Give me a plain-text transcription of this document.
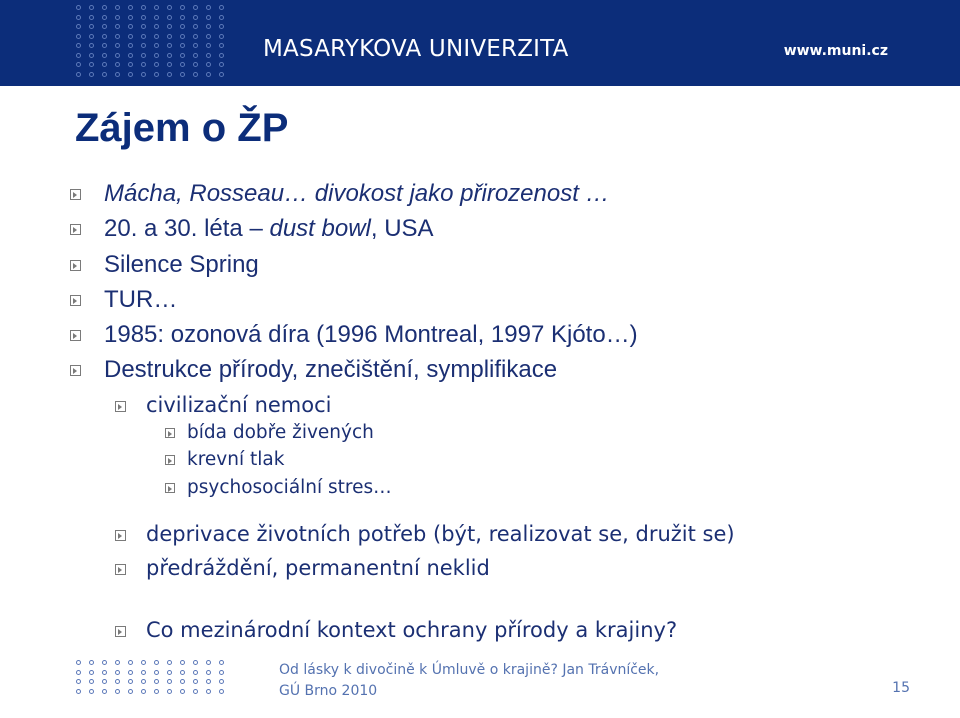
MASARYKOVA UNIVERZITA	www.muni.cz
Zájem o ŽP
Mácha, Rosseau… divokost jako přirozenost …
20. a 30. léta – dust bowl, USA
Silence Spring
TUR…
1985: ozonová díra (1996 Montreal, 1997 Kjóto…)
Destrukce přírody, znečištění, symplifikace
civilizační nemoci
bída dobře živených
krevní tlak
psychosociální stres…
deprivace životních potřeb (být, realizovat se, družit se)
předráždění, permanentní neklid
Co mezinárodní kontext ochrany přírody a krajiny?
Od lásky k divočině k Úmluvě o krajině? Jan Trávníček,
GÚ Brno 2010	15
